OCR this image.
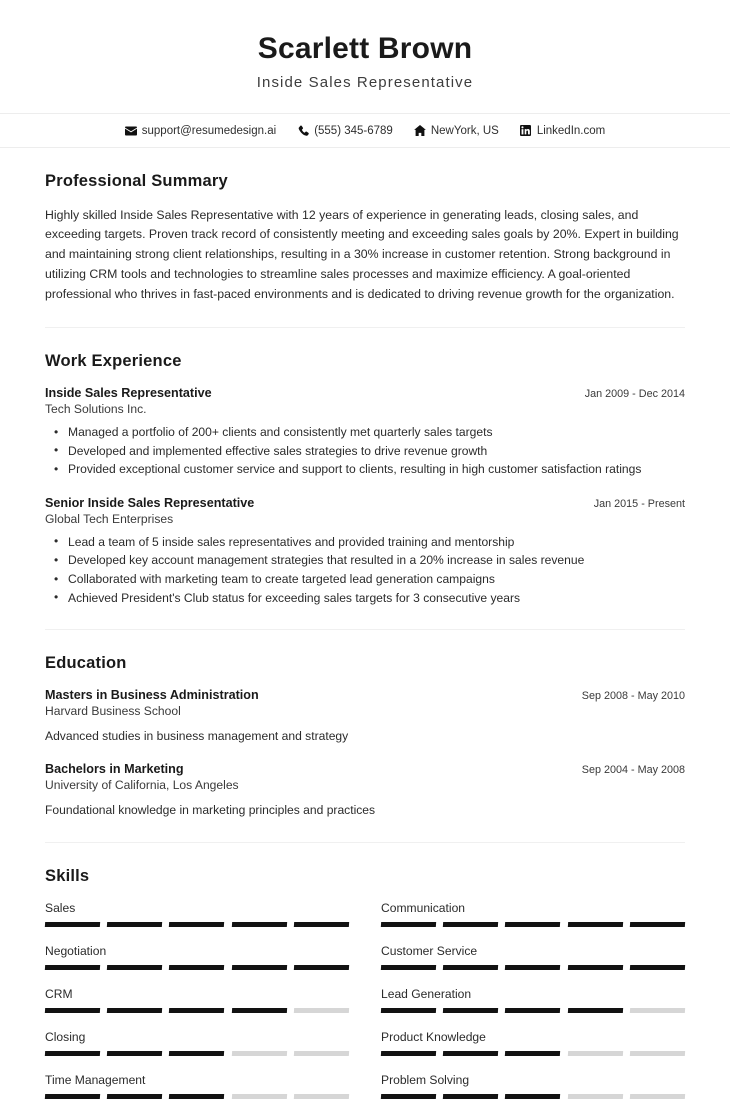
Scarlett Brown
Inside Sales Representative
support@resumedesign.ai	(555) 345-6789	NewYork, US	LinkedIn.com
Professional Summary
Highly skilled Inside Sales Representative with 12 years of experience in generating leads, closing sales, and exceeding targets. Proven track record of consistently meeting and exceeding sales goals by 20%. Expert in building and maintaining strong client relationships, resulting in a 30% increase in customer retention. Strong background in utilizing CRM tools and technologies to streamline sales processes and maximize efficiency. A goal-oriented professional who thrives in fast-paced environments and is dedicated to driving revenue growth for the organization.
Work Experience
Inside Sales Representative	Jan 2009 - Dec 2014
Tech Solutions Inc.
• Managed a portfolio of 200+ clients and consistently met quarterly sales targets
• Developed and implemented effective sales strategies to drive revenue growth
• Provided exceptional customer service and support to clients, resulting in high customer satisfaction ratings
Senior Inside Sales Representative	Jan 2015 - Present
Global Tech Enterprises
• Lead a team of 5 inside sales representatives and provided training and mentorship
• Developed key account management strategies that resulted in a 20% increase in sales revenue
• Collaborated with marketing team to create targeted lead generation campaigns
• Achieved President's Club status for exceeding sales targets for 3 consecutive years
Education
Masters in Business Administration	Sep 2008 - May 2010
Harvard Business School
Advanced studies in business management and strategy
Bachelors in Marketing	Sep 2004 - May 2008
University of California, Los Angeles
Foundational knowledge in marketing principles and practices
Skills
Sales	Communication
Negotiation	Customer Service
CRM	Lead Generation
Closing	Product Knowledge
Time Management	Problem Solving
